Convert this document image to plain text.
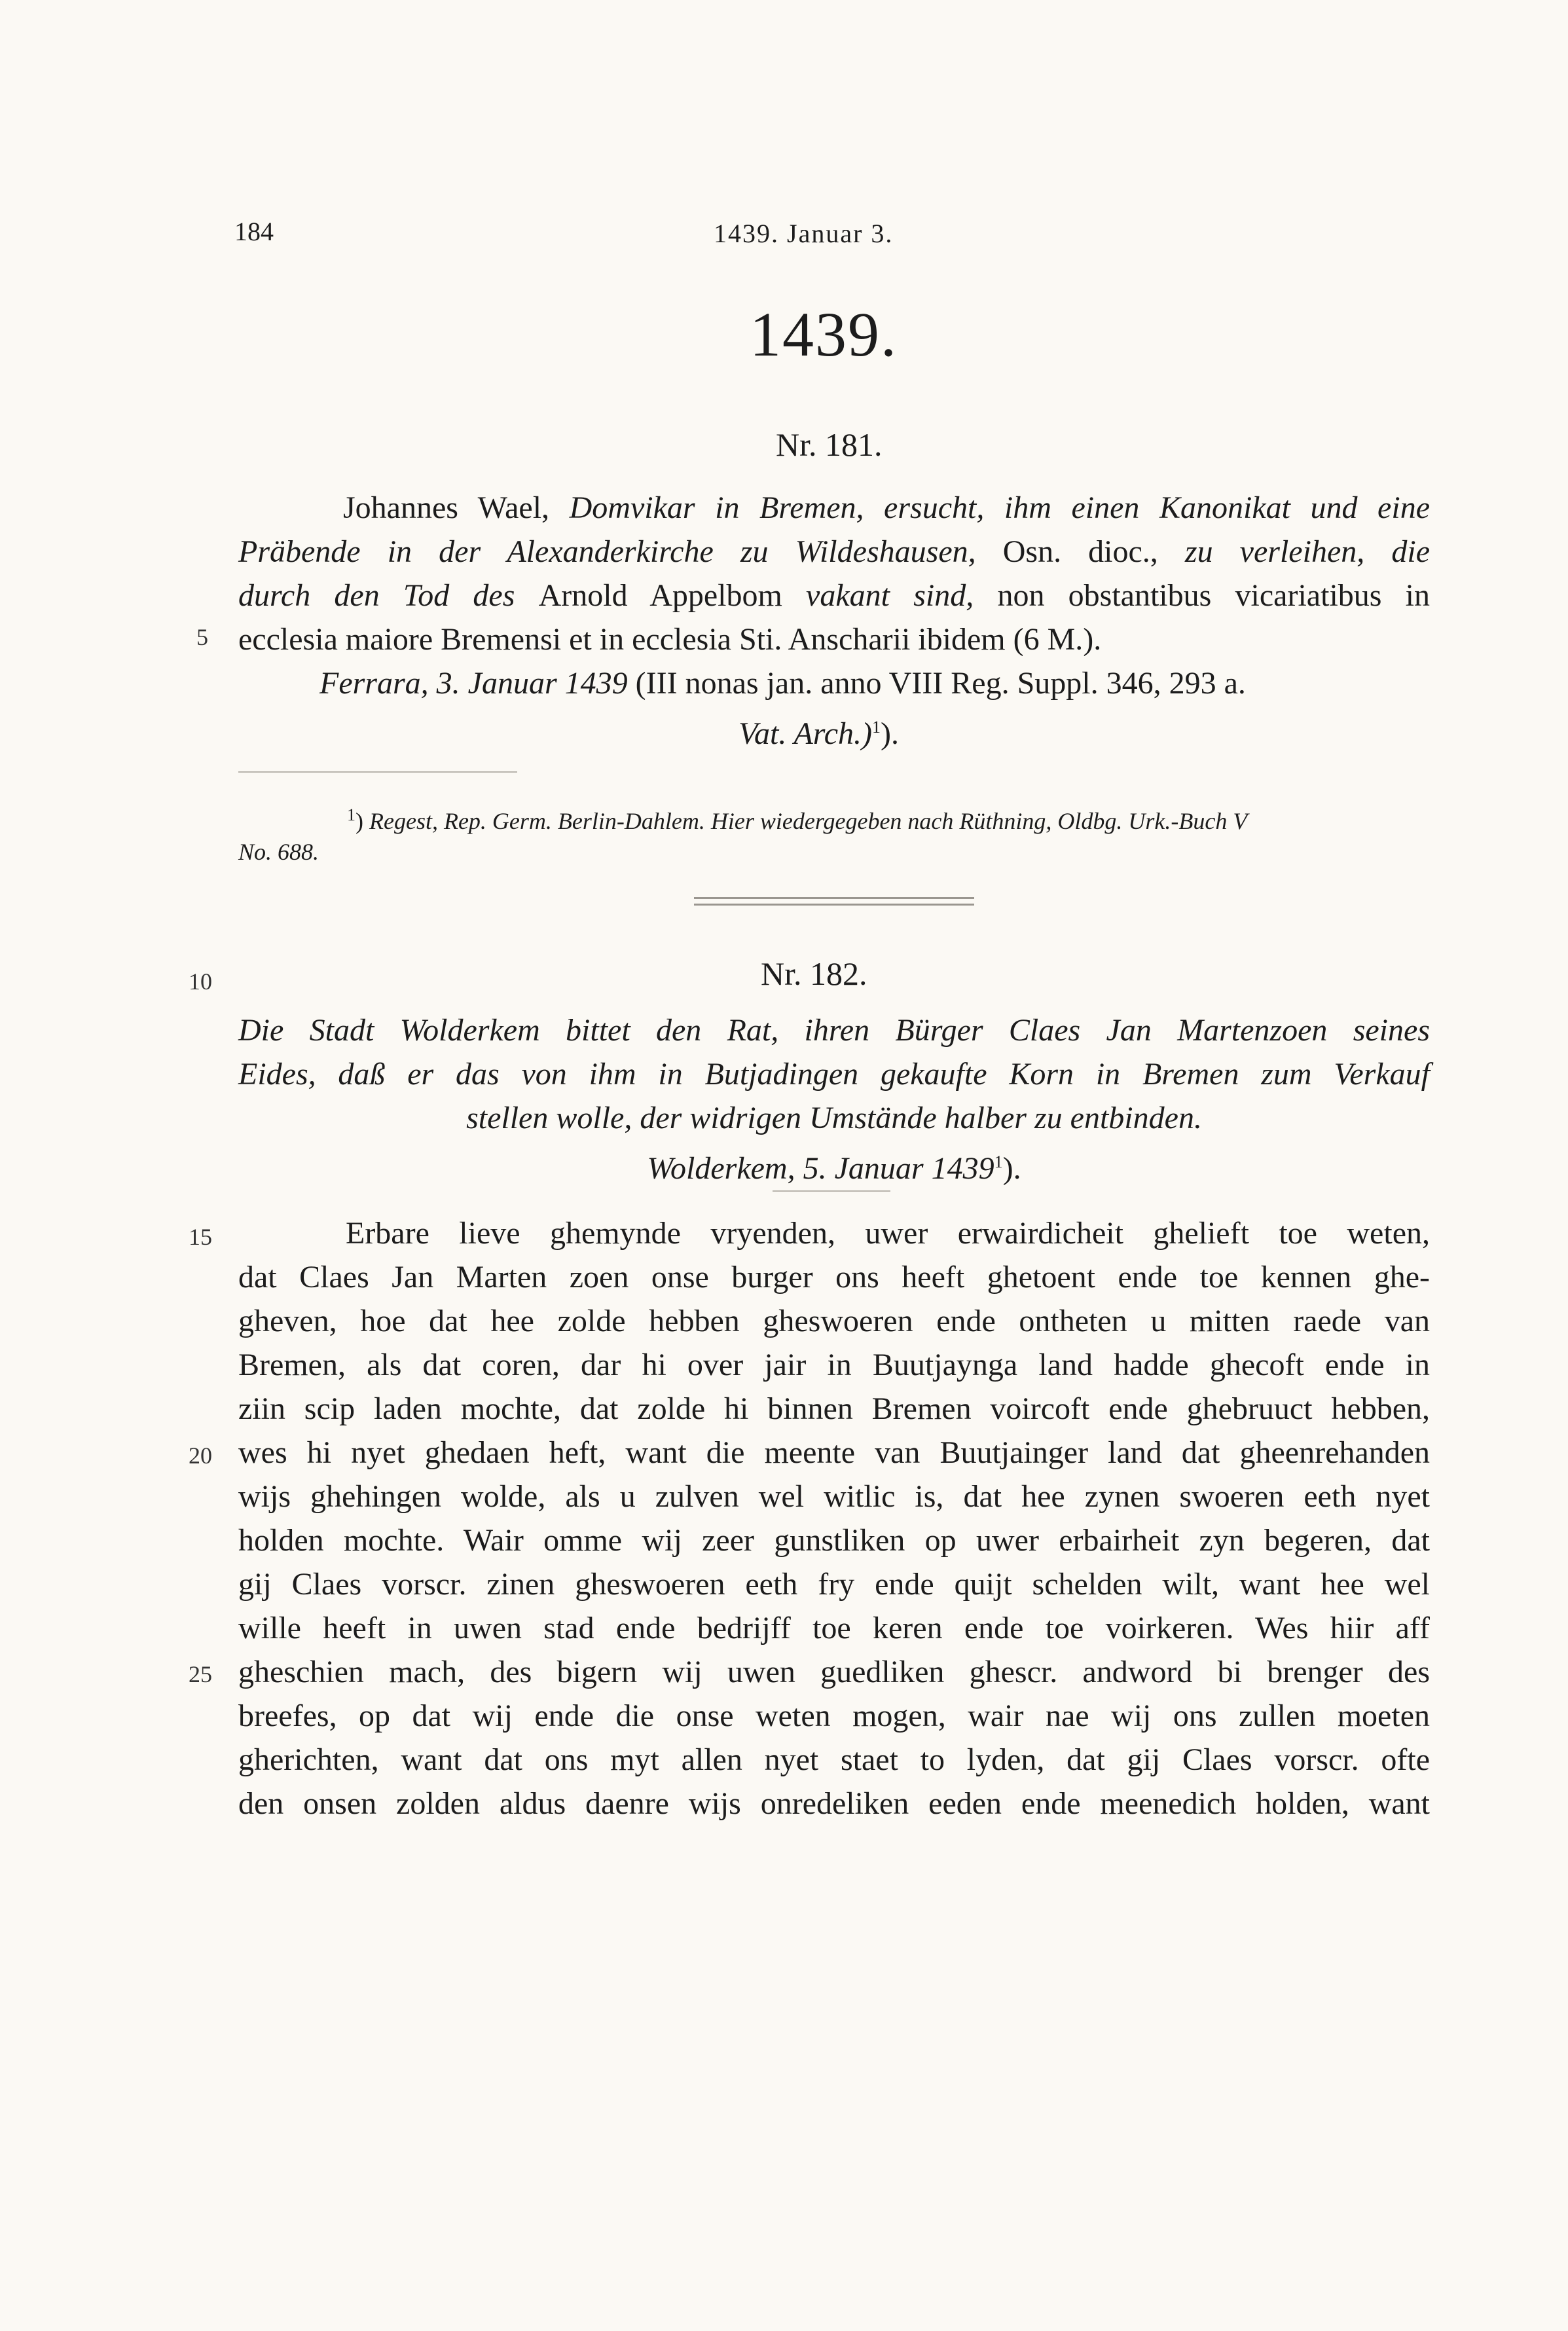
184	1439. Januar 3.
1439.
Nr. 181.
Johannes Wael, Domvikar in Bremen, ersucht, ihm einen Kanonikat und eine
Präbende in der Alexanderkirche zu Wildeshausen, Osn. dioc., zu verleihen, die
durch den Tod des Arnold Appelbom vakant sind, non obstantibus vicariatibus in
ecclesia maiore Bremensi et in ecclesia Sti. Anscharii ibidem (6 M.).
Ferrara, 3. Januar 1439 (III nonas jan. anno VIII Reg. Suppl. 346, 293 a.
Vat. Arch.)$^1$).
$^1$) Regest, Rep. Germ. Berlin-Dahlem. Hier wiedergegeben nach Rüthning, Oldbg. Urk.-Buch V
No. 688.
Nr. 182.
Die Stadt Wolderkem bittet den Rat, ihren Bürger Claes Jan Martenzoen seines
Eides, daß er das von ihm in Butjadingen gekaufte Korn in Bremen zum Verkauf
stellen wolle, der widrigen Umstände halber zu entbinden.
Wolderkem, 5. Januar 1439$^1$).
Erbare lieve ghemynde vryenden, uwer erwairdicheit ghelieft toe weten,
dat Claes Jan Marten zoen onse burger ons heeft ghetoent ende toe kennen ghe-
gheven, hoe dat hee zolde hebben gheswoeren ende ontheten u mitten raede van
Bremen, als dat coren, dar hi over jair in Buutjaynga land hadde ghecoft ende in
ziin scip laden mochte, dat zolde hi binnen Bremen voircoft ende ghebruuct hebben,
wes hi nyet ghedaen heft, want die meente van Buutjainger land dat gheenrehanden
wijs ghehingen wolde, als u zulven wel witlic is, dat hee zynen swoeren eeth nyet
holden mochte. Wair omme wij zeer gunstliken op uwer erbairheit zyn begeren, dat
gij Claes vorscr. zinen gheswoeren eeth fry ende quijt schelden wilt, want hee wel
wille heeft in uwen stad ende bedrijff toe keren ende toe voirkeren. Wes hiir aff
gheschien mach, des bigern wij uwen guedliken ghescr. andword bi brenger des
breefes, op dat wij ende die onse weten mogen, wair nae wij ons zullen moeten
gherichten, want dat ons myt allen nyet staet to lyden, dat gij Claes vorscr. ofte
den onsen zolden aldus daenre wijs onredeliken eeden ende meenedich holden, want
5
10
15
20
25
